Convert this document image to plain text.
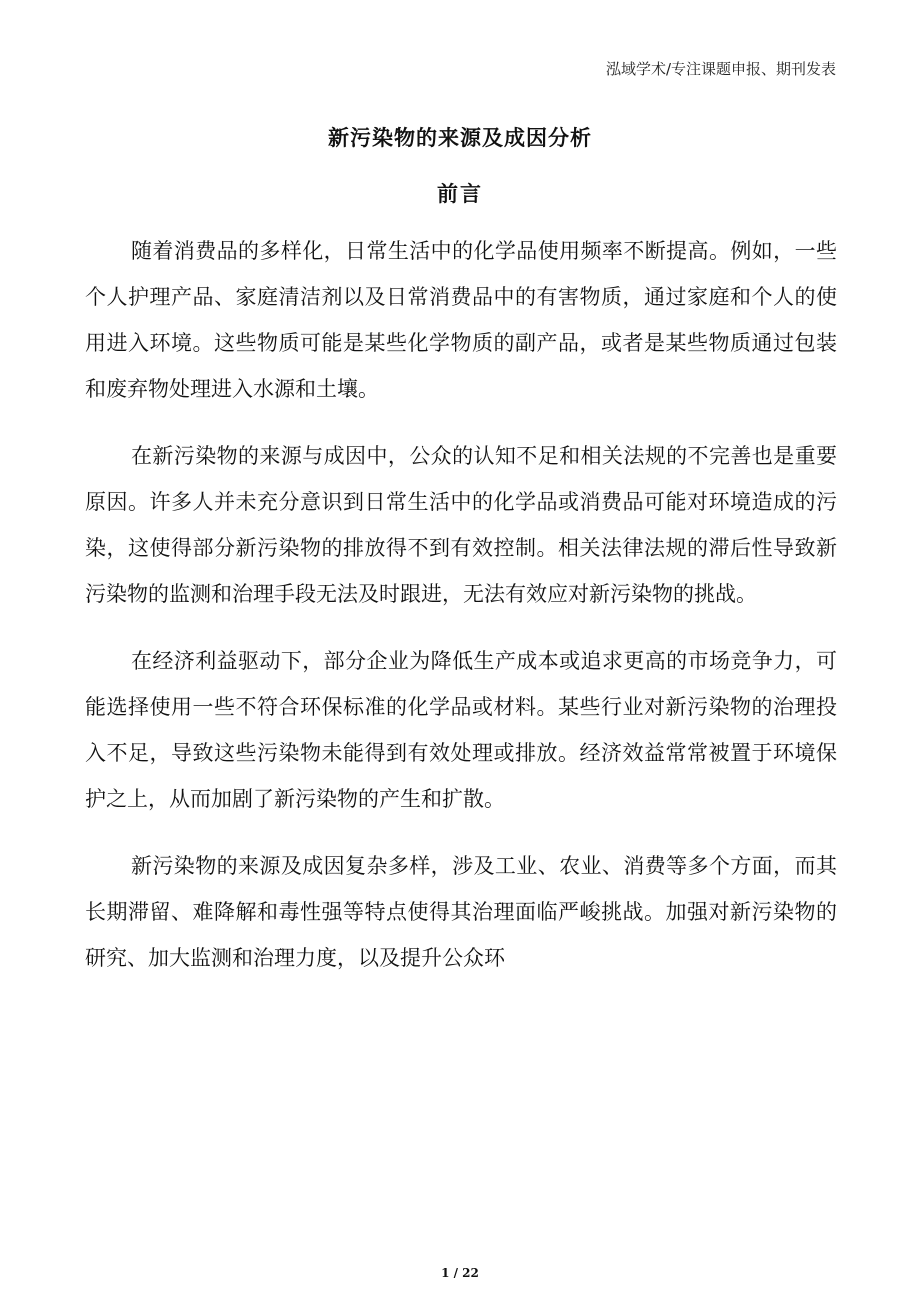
泓域学术/专注课题申报、期刊发表
新污染物的来源及成因分析
前言

随着消费品的多样化，日常生活中的化学品使用频率不断提高。例如，一些个人护理产品、家庭清洁剂以及日常消费品中的有害物质，通过家庭和个人的使用进入环境。这些物质可能是某些化学物质的副产品，或者是某些物质通过包装和废弃物处理进入水源和土壤。

在新污染物的来源与成因中，公众的认知不足和相关法规的不完善也是重要原因。许多人并未充分意识到日常生活中的化学品或消费品可能对环境造成的污染，这使得部分新污染物的排放得不到有效控制。相关法律法规的滞后性导致新污染物的监测和治理手段无法及时跟进，无法有效应对新污染物的挑战。

在经济利益驱动下，部分企业为降低生产成本或追求更高的市场竞争力，可能选择使用一些不符合环保标准的化学品或材料。某些行业对新污染物的治理投入不足，导致这些污染物未能得到有效处理或排放。经济效益常常被置于环境保护之上，从而加剧了新污染物的产生和扩散。

新污染物的来源及成因复杂多样，涉及工业、农业、消费等多个方面，而其长期滞留、难降解和毒性强等特点使得其治理面临严峻挑战。加强对新污染物的研究、加大监测和治理力度，以及提升公众环

1 / 22
